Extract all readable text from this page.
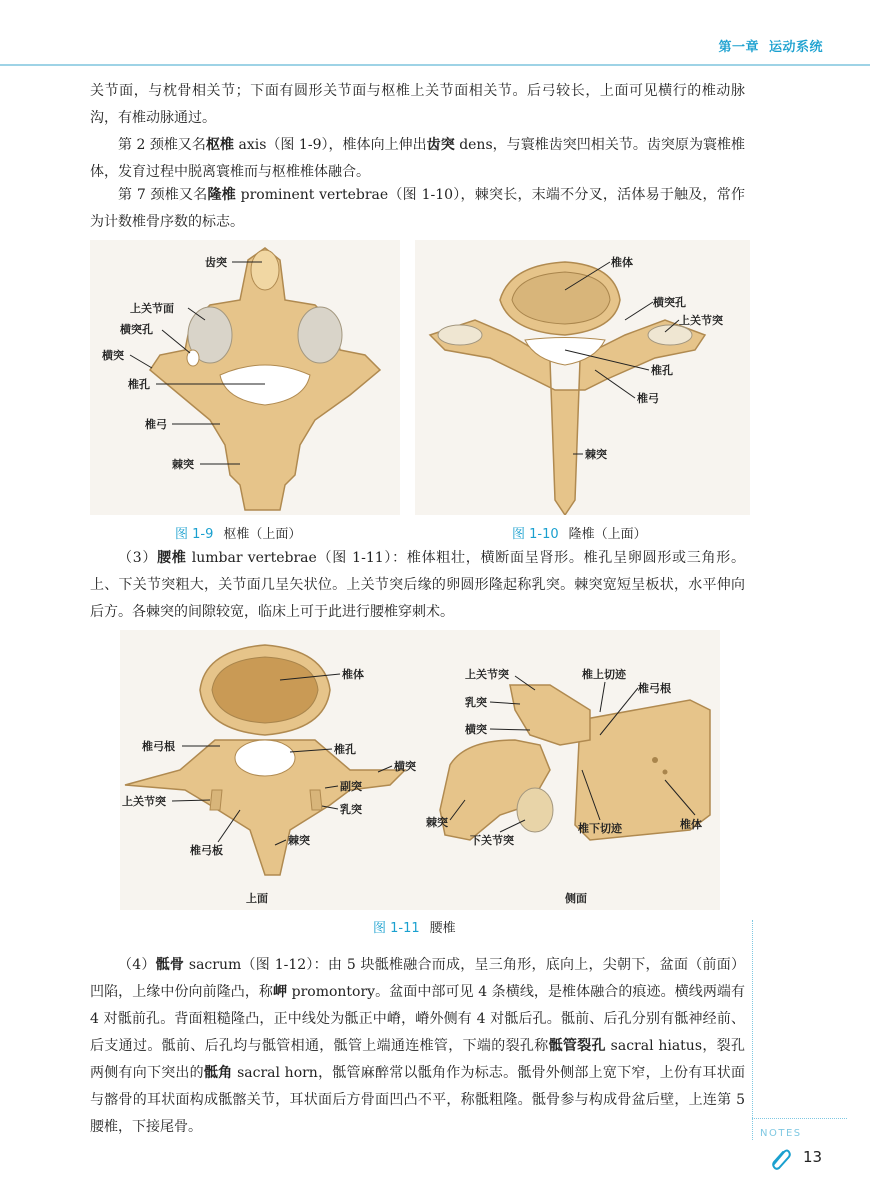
第一章 运动系统

关节面，与枕骨相关节；下面有圆形关节面与枢椎上关节面相关节。后弓较长，上面可见横行的椎动脉沟，有椎动脉通过。

第 2 颈椎又名枢椎 axis（图 1-9），椎体向上伸出齿突 dens，与寰椎齿突凹相关节。齿突原为寰椎椎体，发育过程中脱离寰椎而与枢椎椎体融合。

第 7 颈椎又名隆椎 prominent vertebrae（图 1-10），棘突长，末端不分叉，活体易于触及，常作为计数椎骨序数的标志。

齿突
上关节面
横突孔
横突
椎孔
椎弓
棘突
图 1-9 枢椎（上面）
椎体
横突孔
上关节突
椎孔
椎弓
棘突
图 1-10 隆椎（上面）

（3）腰椎 lumbar vertebrae（图 1-11）：椎体粗壮，横断面呈肾形。椎孔呈卵圆形或三角形。上、下关节突粗大，关节面几呈矢状位。上关节突后缘的卵圆形隆起称乳突。棘突宽短呈板状，水平伸向后方。各棘突的间隙较宽，临床上可于此进行腰椎穿刺术。

椎体
椎弓根	椎孔
横突
副突
上关节突
乳突
椎弓板
棘突
上面
上关节突	椎上切迹
椎弓根
乳突
横突
棘突
下关节突
椎下切迹	椎体
侧面
图 1-11 腰椎

（4）骶骨 sacrum（图 1-12）：由 5 块骶椎融合而成，呈三角形，底向上，尖朝下，盆面（前面）凹陷，上缘中份向前隆凸，称岬 promontory。盆面中部可见 4 条横线，是椎体融合的痕迹。横线两端有 4 对骶前孔。背面粗糙隆凸，正中线处为骶正中嵴，嵴外侧有 4 对骶后孔。骶前、后孔分别有骶神经前、后支通过。骶前、后孔均与骶管相通，骶管上端通连椎管，下端的裂孔称骶管裂孔 sacral hiatus，裂孔两侧有向下突出的骶角 sacral horn，骶管麻醉常以骶角作为标志。骶骨外侧部上宽下窄，上份有耳状面与髂骨的耳状面构成骶髂关节，耳状面后方骨面凹凸不平，称骶粗隆。骶骨参与构成骨盆后壁，上连第 5 腰椎，下接尾骨。	NOTES
13
